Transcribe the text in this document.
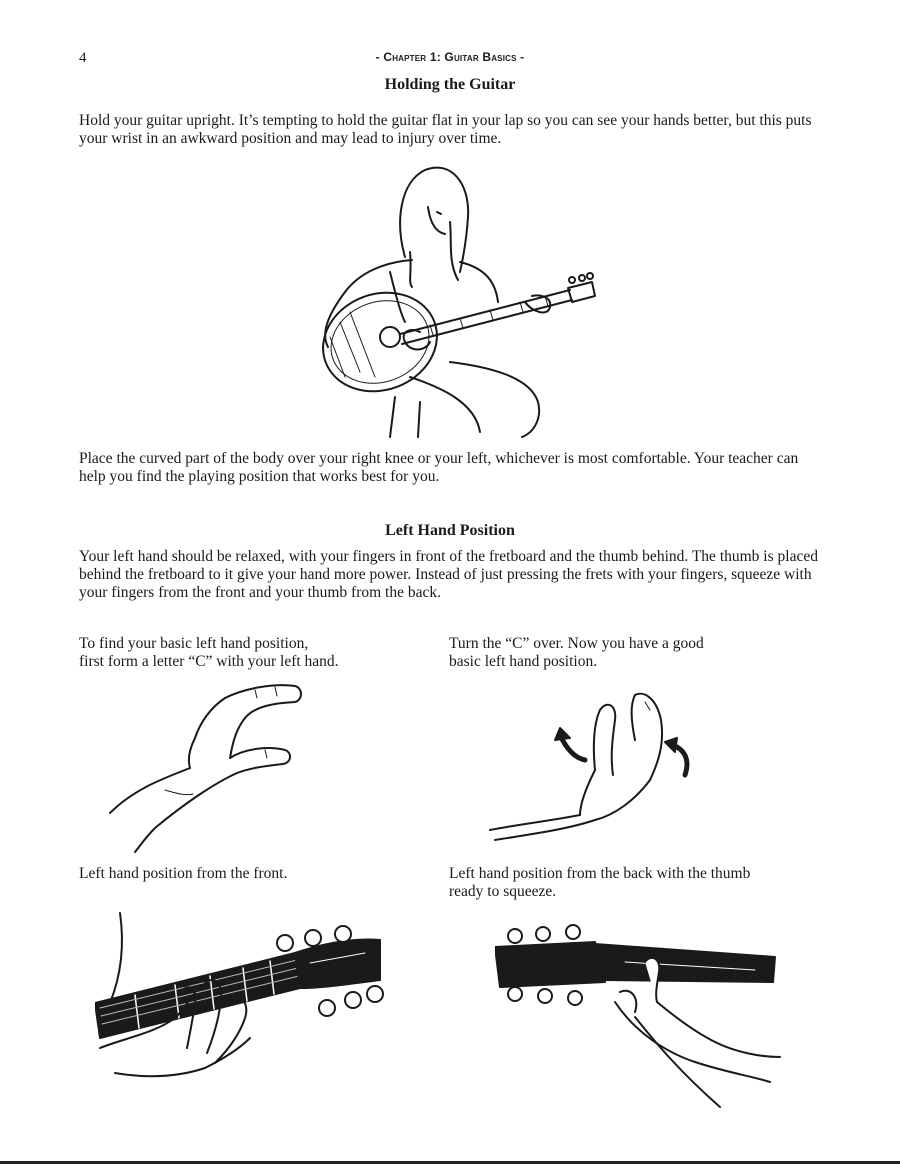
4	- Chapter 1: Guitar Basics -
Holding the Guitar

Hold your guitar upright. It’s tempting to hold the guitar flat in your lap so you can see your hands better, but this puts your wrist in an awkward position and may lead to injury over time.

Place the curved part of the body over your right knee or your left, whichever is most comfortable. Your teacher can help you find the playing position that works best for you.

Left Hand Position

Your left hand should be relaxed, with your fingers in front of the fretboard and the thumb behind. The thumb is placed behind the fretboard to it give your hand more power. Instead of just pressing the frets with your fingers, squeeze with your fingers from the front and your thumb from the back.

To find your basic left hand position,
first form a letter “C” with your left hand.

Turn the “C” over. Now you have a good
basic left hand position.

Left hand position from the front.	Left hand position from the back with the thumb
ready to squeeze.
